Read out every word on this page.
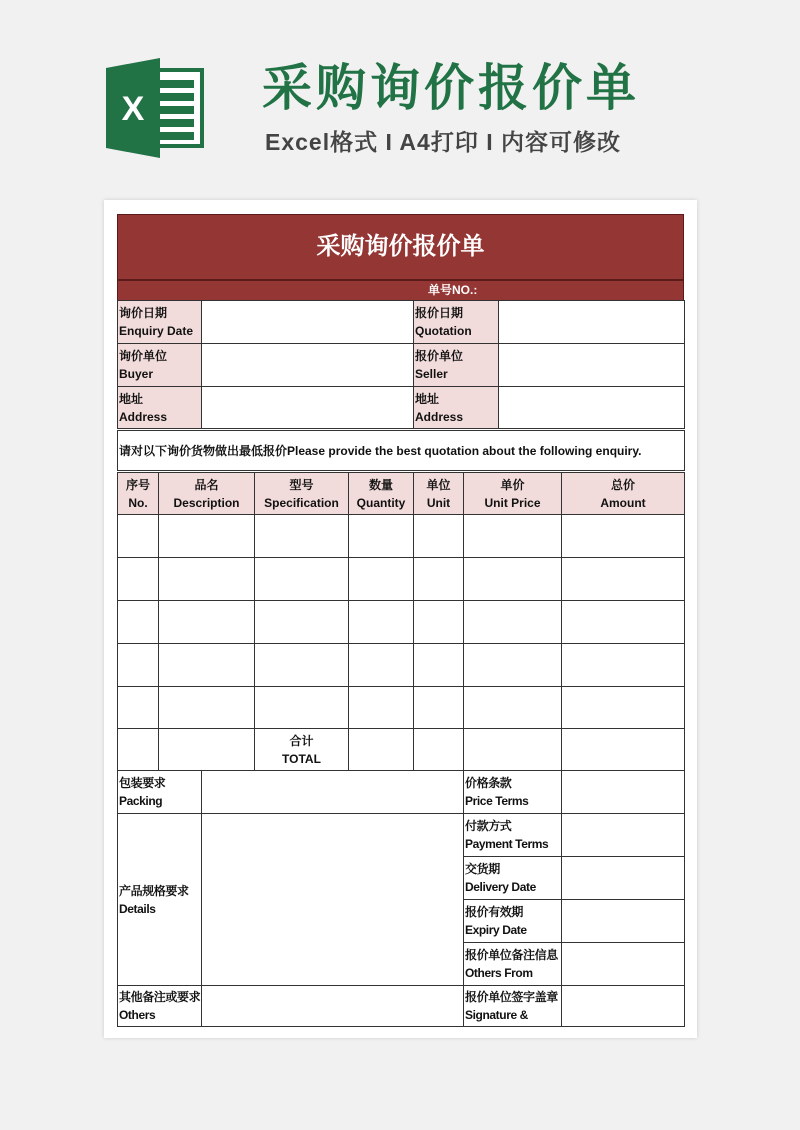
X 采购询价报价单
Excel格式 I A4打印 I 内容可修改
采购询价报价单
单号NO.:
询价日期
Enquiry Date
报价日期
Quotation
询价单位
Buyer
报价单位
Seller
地址
Address
地址
Address
请对以下询价货物做出最低报价Please provide the best quotation about the following enquiry.
序号
No.
品名
Description
型号
Specification
数量
Quantity
单位
Unit
单价
Unit Price
总价
Amount
合计
TOTAL
包装要求
Packing
产品规格要求
Details
其他备注或要求
Others
价格条款
Price Terms
付款方式
Payment Terms
交货期
Delivery Date
报价有效期
Expiry Date
报价单位备注信息
Others From
报价单位签字盖章
Signature &
